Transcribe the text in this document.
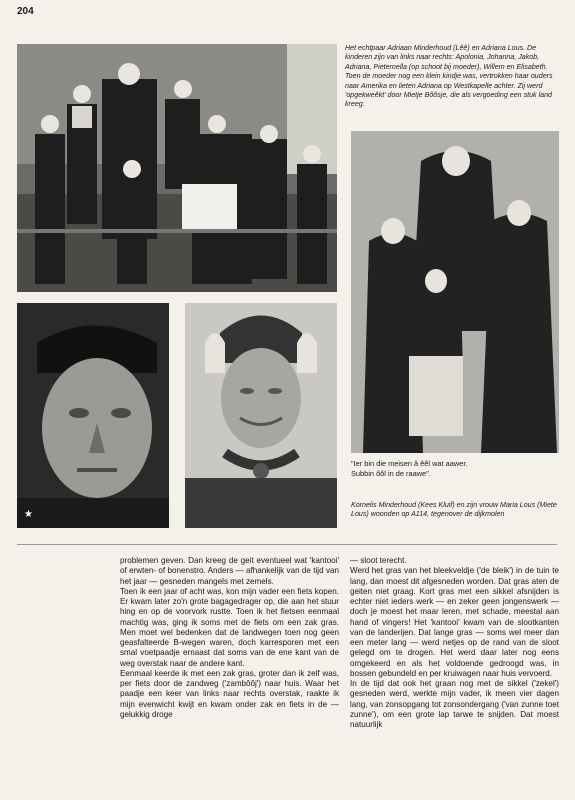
204
Het echtpaar Adriaan Minderhoud (Lêê) en Adriana Lous. De kinderen zijn van links naar rechts: Apolonia, Johanna, Jakob, Adriana, Pieternella (op schoot bij moeder), Willem en Elisabeth. Toen de moeder nog een klein kindje was, vertrokken haar ouders naar Amerika en lieten Adriana op Westkapelle achter. Zij werd 'opgekweêkt' door Mietje Bôôsje, die als vergoeding een stuk land kreeg.
"Ier bin die meisen â êêl wat aawer.
Subbin ôôl in de raawe".
★
Kornelis Minderhoud (Kees Kluif) en zijn vrouw Maria Lous (Miete Lous) woonden op A114, tegenover de dijkmolen

problemen geven. Dan kreeg de geit eventueel wat 'kantooi' of erwten- of bonenstro. Anders — afhankelijk van de tijd van het jaar — gesneden mangels met zemels.

Toen ik een jaar of acht was, kon mijn vader een fiets kopen. Er kwam later zo'n grote bagagedrager op, die aan het stuur hing en op de voorvork rustte. Toen ik het fietsen eenmaal machtig was, ging ik soms met de fiets om een zak gras. Men moet wel bedenken dat de landwegen toen nog geen geasfalteerde B-wegen waren, doch karresporen met een smal voetpaadje ernaast dat soms van de ene kant van de weg overstak naar de andere kant.

Eenmaal keerde ik met een zak gras, groter dan ik zelf was, per fiets door de zandweg ('zambôôj') naar huis. Waar het paadje een keer van links naar rechts overstak, raakte ik mijn evenwicht kwijt en kwam onder zak en fiets in de — gelukkig droge

— sloot terecht.

Werd het gras van het bleekveldje ('de bleik') in de tuin te lang, dan moest dit afgesneden worden. Dat gras aten de geiten niet graag. Kort gras met een sikkel afsnijden is echter niet ieders werk — en zeker geen jongenswerk — doch je moest het maar leren, met schade, meestal aan hand of vingers! Het 'kantooi' kwam van de slootkanten van de landerijen. Dat lange gras — soms wel meer dan een meter lang — werd netjes op de rand van de sloot gelegd om te drogen. Het werd daar later nog eens omgekeerd en als het voldoende gedroogd was, in bossen gebundeld en per kruiwagen naar huis vervoerd.

In de tijd dat ook het graan nog met de sikkel ('zekel') gesneden werd, werkte mijn vader, ik meen vier dagen lang, van zonsopgang tot zonsondergang ('van zunne toet zunne'), om een grote lap tarwe te snijden. Dat moest natuurlijk
